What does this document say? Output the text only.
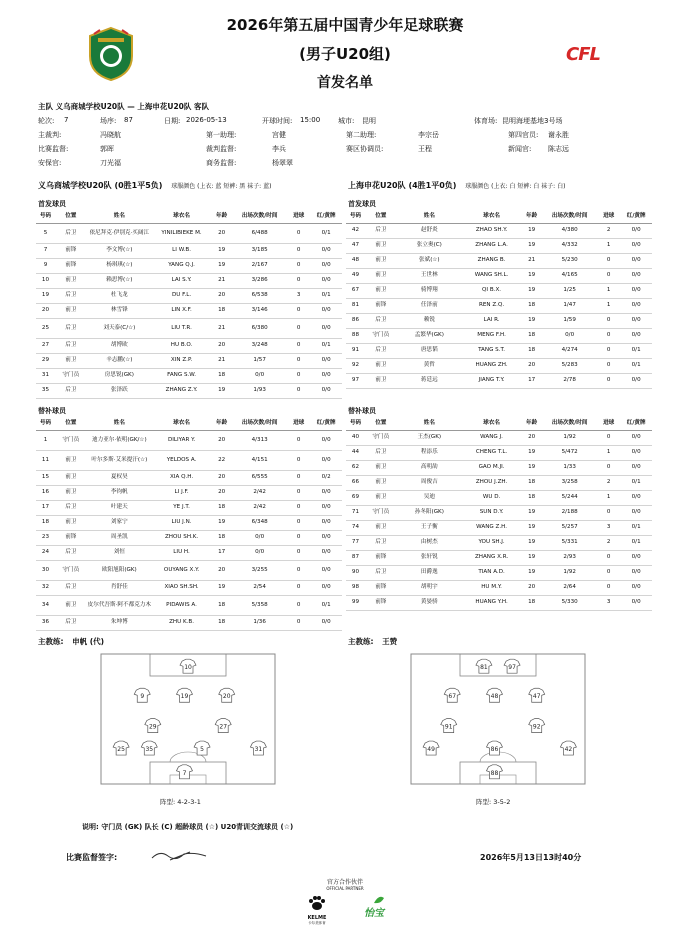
2026年第五届中国青少年足球联赛
(男子U20组)
首发名单
CFL
主队 义乌商城学校U20队 — 上海申花U20队 客队
轮次: 7	场序: 87	日期: 2026-05-13	开球时间: 15:00	城市: 昆明	体育场: 昆明海埂基地3号场
主裁判:	冯晓航	第一助理:	宫健	第二助理:	李宗岳	第四官员: 谢永胜
比赛监督:	郭晖	裁判监督:	李兵	赛区协调员:	王程	新闻官: 陈志远
安保官:	刀光福	商务监督:	杨翠翠
义乌商城学校U20队 (0胜1平5负) 球服颜色 (上衣: 蓝 短裤: 黑 袜子: 蓝)	上海申花U20队 (4胜1平0负) 球服颜色 (上衣: 白 短裤: 白 袜子: 白)
首发球员	首发球员
号码	位置	姓名	球衣名	年龄	出场次数/时间	进球	红/黄牌
5	后卫	依尼拜克·伊别克·买阔江	YINILIBIEKE M.	20	6/488	0	0/1
7	前锋	李文博(☆)	LI W.B.	19	3/185	0	0/0
9	前锋	杨琪琪(☆)	YANG Q.J.	19	2/167	0	0/0
10	前卫	赖思博(☆)	LAI S.Y.	21	3/286	0	0/0
19	后卫	杜飞龙	DU F.L.	20	6/538	3	0/1
20	前卫	林雪锋	LIN X.F.	18	3/146	0	0/0
25	后卫	刘天泰(C/☆)	LIU T.R.	21	6/380	0	0/0
27	后卫	胡博欧	HU B.O.	20	3/248	0	0/1
29	前卫	辛志鹏(☆)	XIN Z.P.	21	1/57	0	0/0
31	守门员	房思锐(GK)	FANG S.W.	18	0/0	0	0/0
35	后卫	张泽跃	ZHANG Z.Y.	19	1/93	0	0/0
号码	位置	姓名	球衣名	年龄	出场次数/时间	进球	红/黄牌
42	后卫	赵舒炎	ZHAO SH.Y.	19	4/380	2	0/0
47	前卫	张立奥(C)	ZHANG L.A.	19	4/332	1	0/0
48	前卫	张斌(☆)	ZHANG B.	21	5/230	0	0/0
49	前卫	王世林	WANG SH.L.	19	4/165	0	0/0
67	前卫	骑博翔	QI B.X.	19	1/25	1	0/0
81	前锋	任泽前	REN Z.Q.	18	1/47	1	0/0
86	后卫	赖锐	LAI R.	19	1/59	0	0/0
88	守门员	孟繁华(GK)	MENG F.H.	18	0/0	0	0/0
91	后卫	唐思韬	TANG S.T.	18	4/274	0	0/1
92	前卫	黄哲	HUANG ZH.	20	5/283	0	0/1
97	前卫	蒋廷远	JIANG T.Y.	17	2/78	0	0/0
替补球员	替补球员
号码	位置	姓名	球衣名	年龄	出场次数/时间	进球	红/黄牌
1	守门员	迪力亚尔·依明(GK/☆)	DILIYAR Y.	20	4/313	0	0/0
11	前卫	叶尔多斯·艾米提汗(☆)	YELDOS A.	22	4/151	0	0/0
15	前卫	夏权昊	XIA Q.H.	20	6/555	0	0/2
16	前卫	李钧帆	LI J.F.	20	2/42	0	0/0
17	后卫	叶建天	YE J.T.	18	2/42	0	0/0
18	前卫	刘家宁	LIU J.N.	19	6/348	0	0/0
23	前锋	周圣凯	ZHOU SH.K.	18	0/0	0	0/0
24	后卫	刘恒	LIU H.	17	0/0	0	0/0
30	守门员	欧阳旭阳(GK)	OUYANG X.Y.	20	3/255	0	0/0
32	后卫	肖舒佳	XIAO SH.SH.	19	2/54	0	0/0
34	前卫	皮尔代吾斯·阿不都克力木	PIDAWIS A.	18	5/358	0	0/1
36	后卫	朱坤博	ZHU K.B.	18	1/36	0	0/0
号码	位置	姓名	球衣名	年龄	出场次数/时间	进球	红/黄牌
40	守门员	王杰(GK)	WANG J.	20	1/92	0	0/0
44	后卫	程添乐	CHENG T.L.	19	5/472	1	0/0
62	前卫	高明劼	GAO M.JI.	19	1/33	0	0/0
66	前卫	周俊吉	ZHOU J.ZH.	18	3/258	2	0/1
69	前卫	吴迪	WU D.	18	5/244	1	0/0
71	守门员	孙冬阳(GK)	SUN D.Y.	19	2/188	0	0/0
74	前卫	王子衡	WANG Z.H.	19	5/257	3	0/1
77	后卫	由树杰	YOU SH.J.	19	5/331	2	0/1
87	前锋	张轩锐	ZHANG X.R.	19	2/93	0	0/0
90	后卫	田爵逸	TIAN A.D.	19	1/92	0	0/0
98	前锋	胡明宇	HU M.Y.	20	2/64	0	0/0
99	前锋	黄晏骄	HUANG Y.H.	18	5/330	3	0/0
主教练: 申帆 (代)	主教练: 王赞
10
9	19	20
29	27
25	35	5	31
7
81	97
67	48	47
91	92
49	86	42
88
阵型: 4-2-3-1	阵型: 3-5-2
说明: 守门员 (GK) 队长 (C) 超龄球员 (☆) U20青训交流球员 (☆)
比赛监督签字:	2026年5月13日13时40分
官方合作伙伴
OFFICIAL PARTNER
KELME
卡尔美体育
怡宝
